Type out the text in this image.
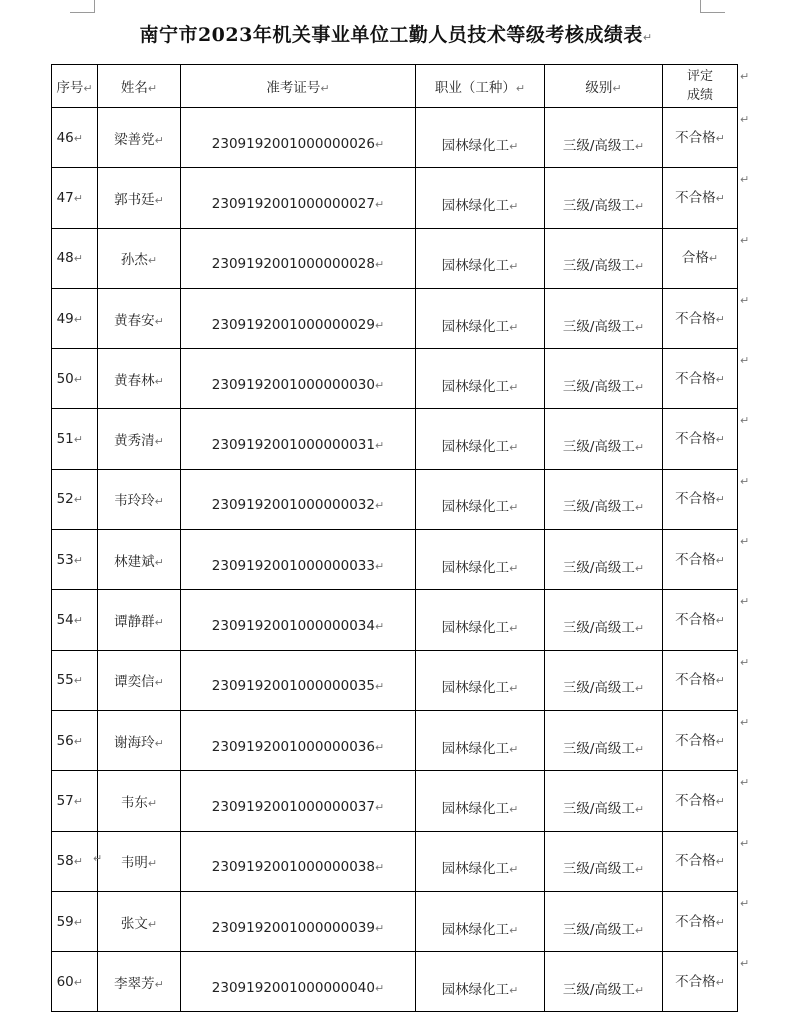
南宁市2023年机关事业单位工勤人员技术等级考核成绩表↵
序号↵	姓名↵	准考证号↵	职业（工种）↵	级别↵	评定成绩

46↵	梁善党↵	2309192001000000026↵	园林绿化工↵	三级/高级工↵	不合格↵
47↵	郭书廷↵	2309192001000000027↵	园林绿化工↵	三级/高级工↵	不合格↵
48↵	孙杰↵	2309192001000000028↵	园林绿化工↵	三级/高级工↵	合格↵
49↵	黄春安↵	2309192001000000029↵	园林绿化工↵	三级/高级工↵	不合格↵
50↵	黄春林↵	2309192001000000030↵	园林绿化工↵	三级/高级工↵	不合格↵
51↵	黄秀清↵	2309192001000000031↵	园林绿化工↵	三级/高级工↵	不合格↵
52↵	韦玲玲↵	2309192001000000032↵	园林绿化工↵	三级/高级工↵	不合格↵
53↵	林建斌↵	2309192001000000033↵	园林绿化工↵	三级/高级工↵	不合格↵
54↵	谭静群↵	2309192001000000034↵	园林绿化工↵	三级/高级工↵	不合格↵
55↵	谭奕信↵	2309192001000000035↵	园林绿化工↵	三级/高级工↵	不合格↵
56↵	谢海玲↵	2309192001000000036↵	园林绿化工↵	三级/高级工↵	不合格↵
57↵	韦东↵	2309192001000000037↵	园林绿化工↵	三级/高级工↵	不合格↵
58↵	韦明↵	2309192001000000038↵	园林绿化工↵	三级/高级工↵	不合格↵
59↵	张文↵	2309192001000000039↵	园林绿化工↵	三级/高级工↵	不合格↵
60↵	李翠芳↵	2309192001000000040↵	园林绿化工↵	三级/高级工↵	不合格↵
↵
↵
↵
↵
↵
↵
↵
↵
↵
↵
↵
↵
↵
↵
↵
↵
↵
